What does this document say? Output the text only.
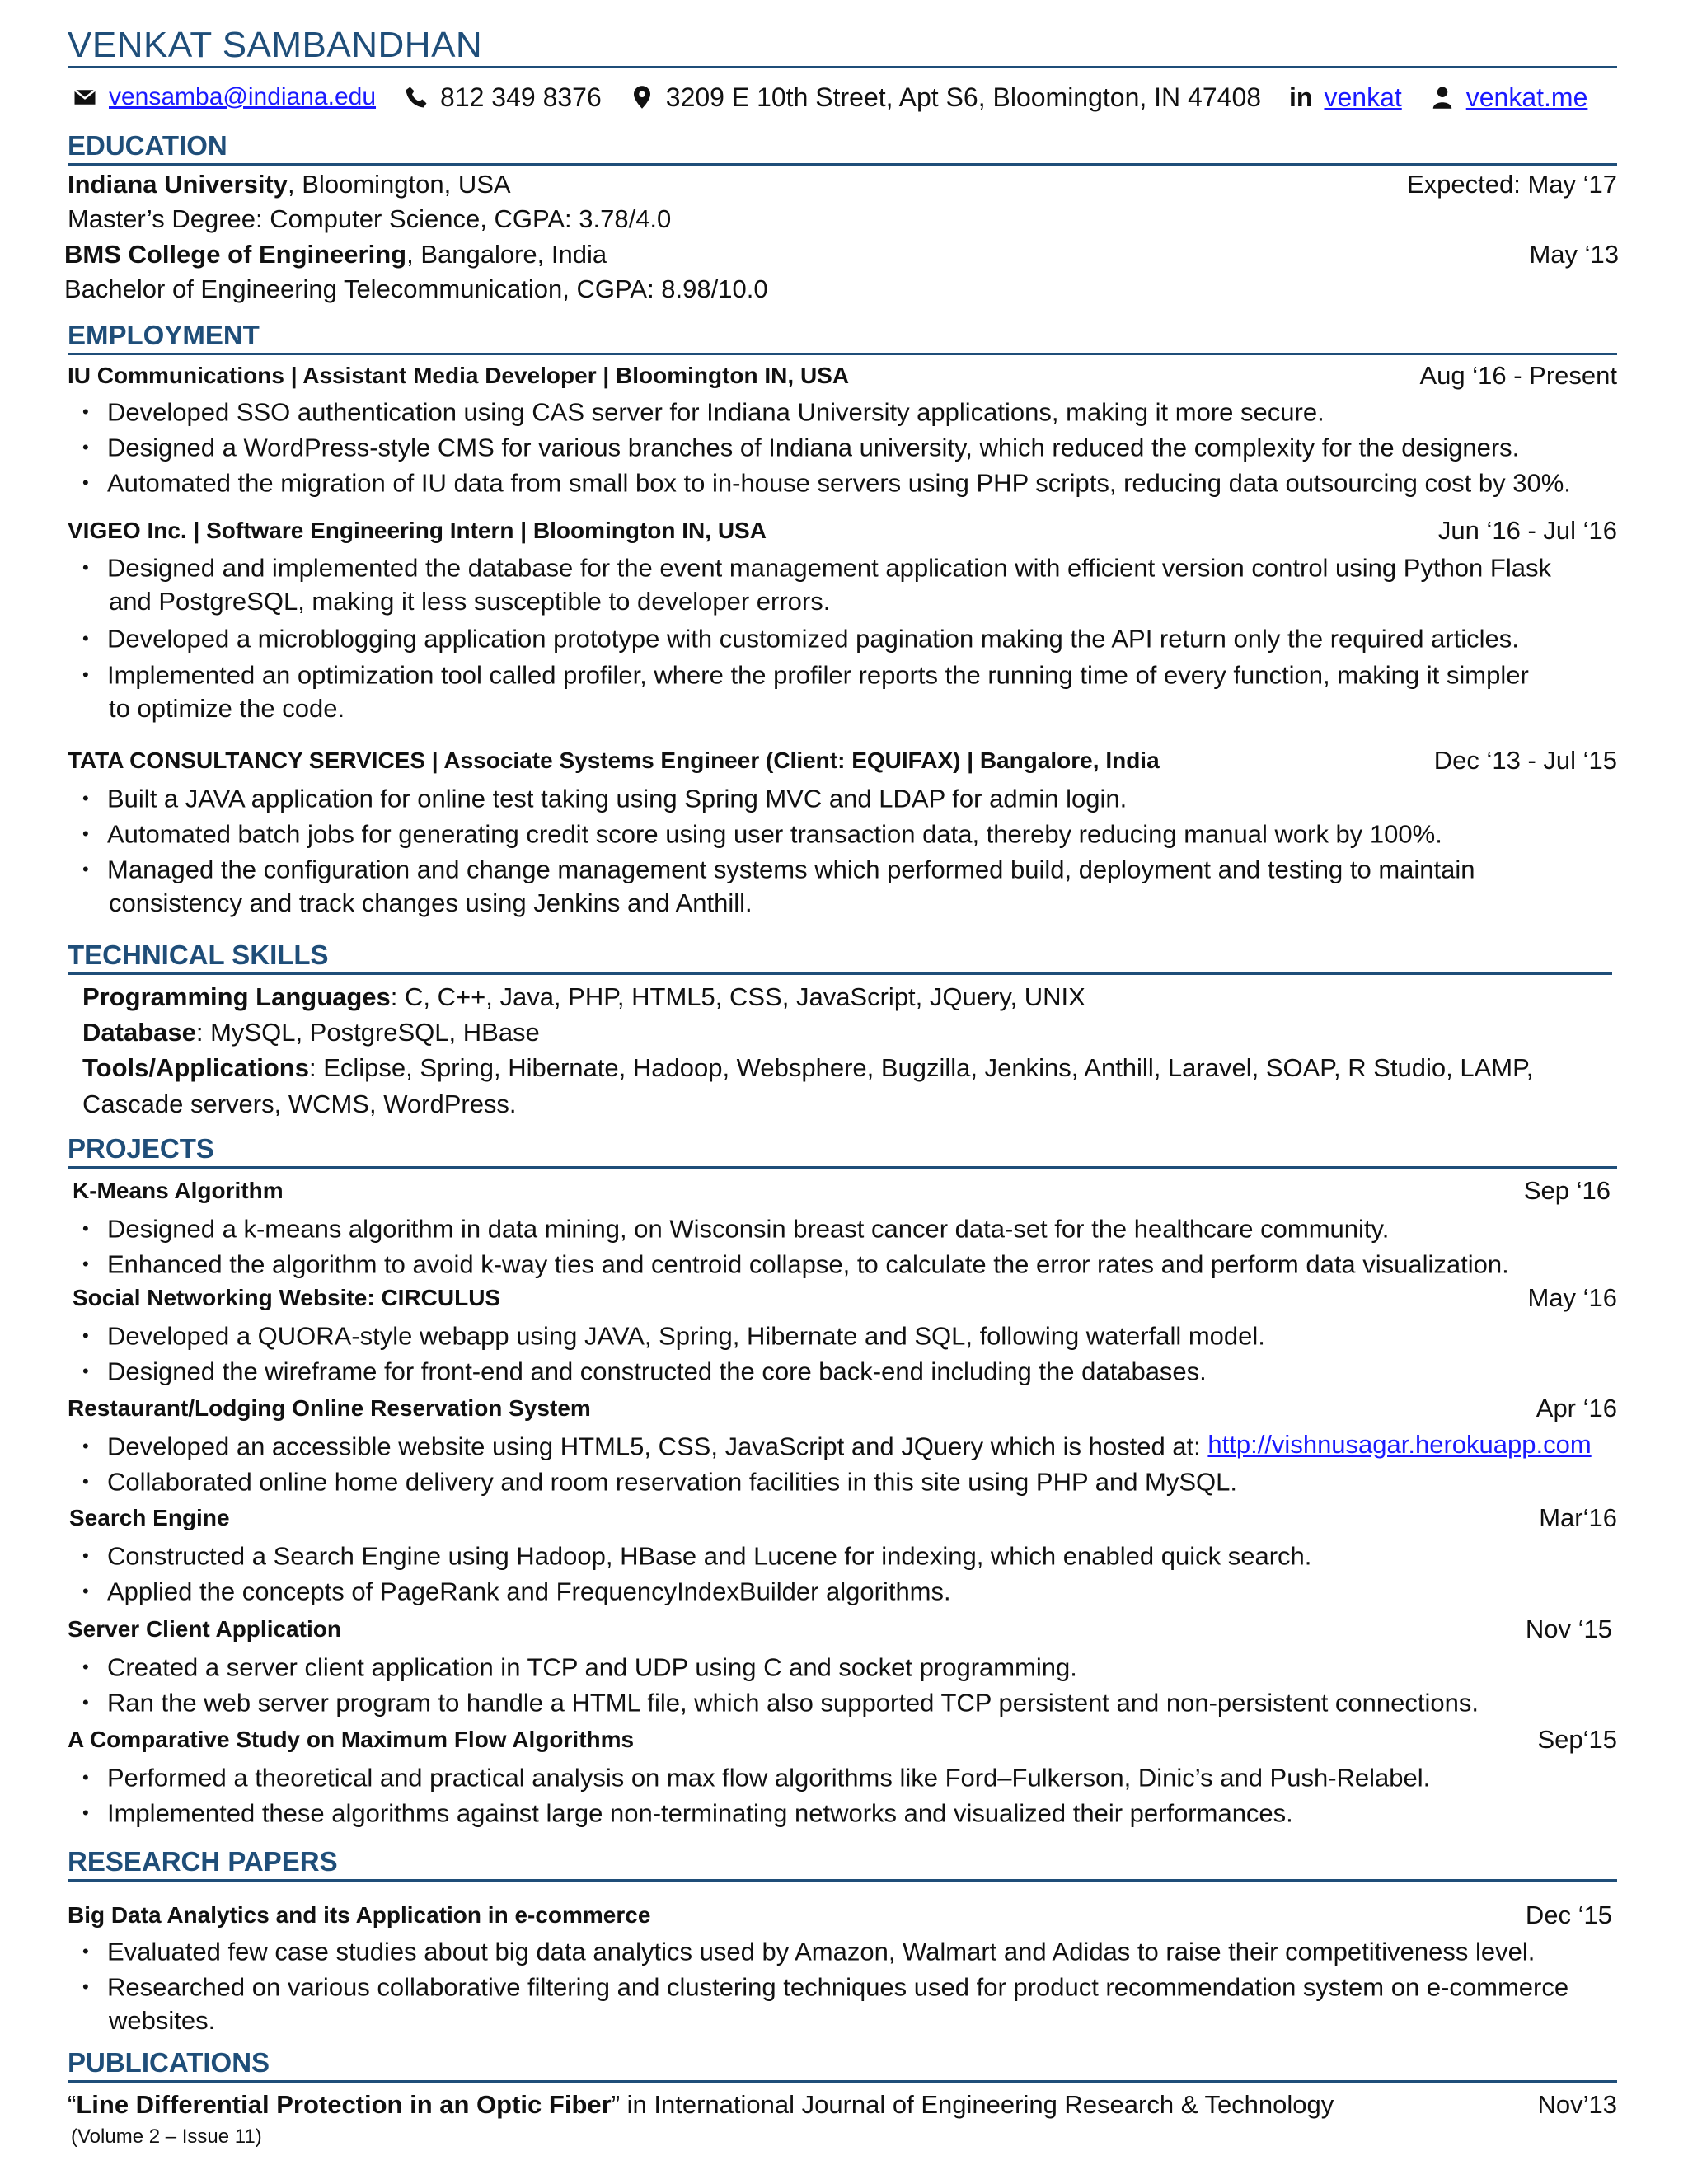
VENKAT SAMBANDHAN
vensamba@indiana.edu 812 349 8376 3209 E 10th Street, Apt S6, Bloomington, IN 47408 in venkat venkat.me
EDUCATION
Indiana University, Bloomington, USA	Expected: May ‘17
Master’s Degree: Computer Science, CGPA: 3.78/4.0
BMS College of Engineering, Bangalore, India	May ‘13
Bachelor of Engineering Telecommunication, CGPA: 8.98/10.0
EMPLOYMENT
IU Communications | Assistant Media Developer | Bloomington IN, USA	Aug ‘16 - Present
• Developed SSO authentication using CAS server for Indiana University applications, making it more secure.
• Designed a WordPress-style CMS for various branches of Indiana university, which reduced the complexity for the designers.
• Automated the migration of IU data from small box to in-house servers using PHP scripts, reducing data outsourcing cost by 30%.
VIGEO Inc. | Software Engineering Intern | Bloomington IN, USA	Jun ‘16 - Jul ‘16
• Designed and implemented the database for the event management application with efficient version control using Python Flask
and PostgreSQL, making it less susceptible to developer errors.
• Developed a microblogging application prototype with customized pagination making the API return only the required articles.
• Implemented an optimization tool called profiler, where the profiler reports the running time of every function, making it simpler
to optimize the code.
TATA CONSULTANCY SERVICES | Associate Systems Engineer (Client: EQUIFAX) | Bangalore, India	Dec ‘13 - Jul ‘15
• Built a JAVA application for online test taking using Spring MVC and LDAP for admin login.
• Automated batch jobs for generating credit score using user transaction data, thereby reducing manual work by 100%.
• Managed the configuration and change management systems which performed build, deployment and testing to maintain
consistency and track changes using Jenkins and Anthill.
TECHNICAL SKILLS
Programming Languages: C, C++, Java, PHP, HTML5, CSS, JavaScript, JQuery, UNIX
Database: MySQL, PostgreSQL, HBase
Tools/Applications: Eclipse, Spring, Hibernate, Hadoop, Websphere, Bugzilla, Jenkins, Anthill, Laravel, SOAP, R Studio, LAMP,
Cascade servers, WCMS, WordPress.
PROJECTS
K-Means Algorithm	Sep ‘16
• Designed a k-means algorithm in data mining, on Wisconsin breast cancer data-set for the healthcare community.
• Enhanced the algorithm to avoid k-way ties and centroid collapse, to calculate the error rates and perform data visualization.
Social Networking Website: CIRCULUS	May ‘16
• Developed a QUORA-style webapp using JAVA, Spring, Hibernate and SQL, following waterfall model.
• Designed the wireframe for front-end and constructed the core back-end including the databases.
Restaurant/Lodging Online Reservation System	Apr ‘16
• Developed an accessible website using HTML5, CSS, JavaScript and JQuery which is hosted at: http://vishnusagar.herokuapp.com
• Collaborated online home delivery and room reservation facilities in this site using PHP and MySQL.
Search Engine	Mar‘16
• Constructed a Search Engine using Hadoop, HBase and Lucene for indexing, which enabled quick search.
• Applied the concepts of PageRank and FrequencyIndexBuilder algorithms.
Server Client Application	Nov ‘15
• Created a server client application in TCP and UDP using C and socket programming.
• Ran the web server program to handle a HTML file, which also supported TCP persistent and non-persistent connections.
A Comparative Study on Maximum Flow Algorithms	Sep‘15
• Performed a theoretical and practical analysis on max flow algorithms like Ford–Fulkerson, Dinic’s and Push-Relabel.
• Implemented these algorithms against large non-terminating networks and visualized their performances.
RESEARCH PAPERS
Big Data Analytics and its Application in e-commerce	Dec ‘15
• Evaluated few case studies about big data analytics used by Amazon, Walmart and Adidas to raise their competitiveness level.
• Researched on various collaborative filtering and clustering techniques used for product recommendation system on e-commerce
websites.
PUBLICATIONS
“Line Differential Protection in an Optic Fiber” in International Journal of Engineering Research & Technology	Nov’13
(Volume 2 – Issue 11)
